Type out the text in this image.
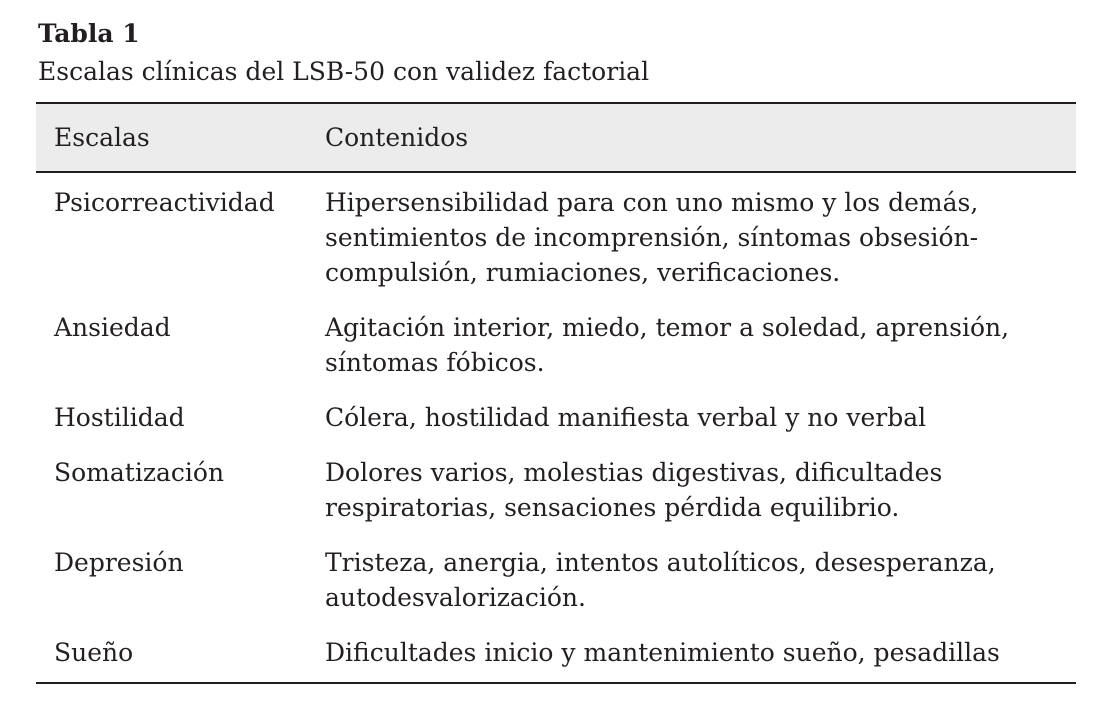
Tabla 1
Escalas clínicas del LSB-50 con validez factorial
Escalas	Contenidos
Psicorreactividad	Hipersensibilidad para con uno mismo y los demás, sentimientos de incomprensión, síntomas obsesión-compulsión, rumiaciones, verificaciones.
Ansiedad	Agitación interior, miedo, temor a soledad, aprensión, síntomas fóbicos.
Hostilidad	Cólera, hostilidad manifiesta verbal y no verbal
Somatización	Dolores varios, molestias digestivas, dificultades respiratorias, sensaciones pérdida equilibrio.
Depresión	Tristeza, anergia, intentos autolíticos, desesperanza, autodesvalorización.
Sueño	Dificultades inicio y mantenimiento sueño, pesadillas
